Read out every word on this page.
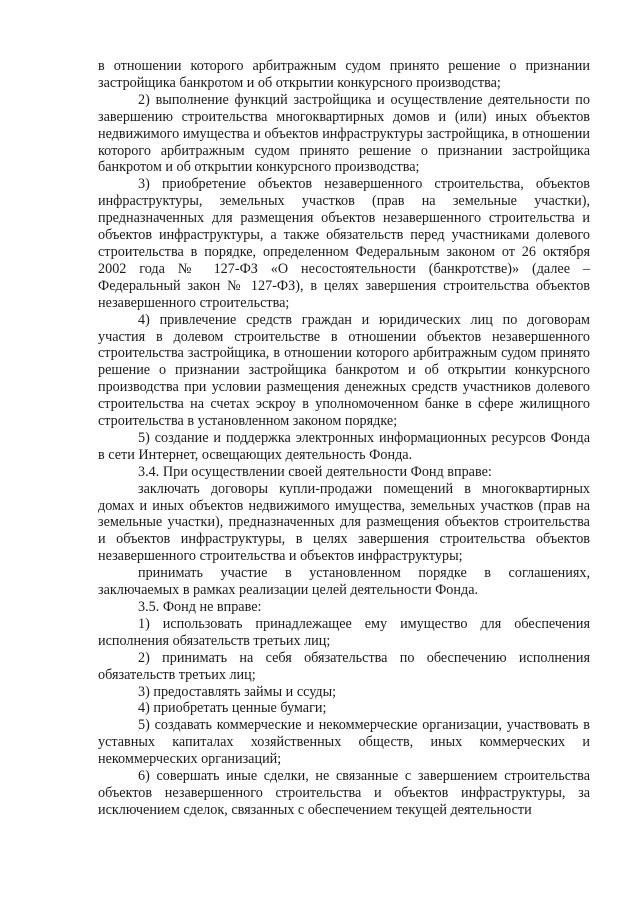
в отношении которого арбитражным судом принято решение о признании застройщика банкротом и об открытии конкурсного производства;

2) выполнение функций застройщика и осуществление деятельности по завершению строительства многоквартирных домов и (или) иных объектов недвижимого имущества и объектов инфраструктуры застройщика, в отношении которого арбитражным судом принято решение о признании застройщика банкротом и об открытии конкурсного производства;

3) приобретение объектов незавершенного строительства, объектов инфраструктуры, земельных участков (прав на земельные участки), предназначенных для размещения объектов незавершенного строительства и объектов инфраструктуры, а также обязательств перед участниками долевого строительства в порядке, определенном Федеральным законом от 26 октября 2002 года № 127-ФЗ «О несостоятельности (банкротстве)» (далее – Федеральный закон № 127-ФЗ), в целях завершения строительства объектов незавершенного строительства;

4) привлечение средств граждан и юридических лиц по договорам участия в долевом строительстве в отношении объектов незавершенного строительства застройщика, в отношении которого арбитражным судом принято решение о признании застройщика банкротом и об открытии конкурсного производства при условии размещения денежных средств участников долевого строительства на счетах эскроу в уполномоченном банке в сфере жилищного строительства в установленном законом порядке;

5) создание и поддержка электронных информационных ресурсов Фонда в сети Интернет, освещающих деятельность Фонда.

3.4. При осуществлении своей деятельности Фонд вправе:

заключать договоры купли-продажи помещений в многоквартирных домах и иных объектов недвижимого имущества, земельных участков (прав на земельные участки), предназначенных для размещения объектов строительства и объектов инфраструктуры, в целях завершения строительства объектов незавершенного строительства и объектов инфраструктуры;

принимать участие в установленном порядке в соглашениях, заключаемых в рамках реализации целей деятельности Фонда.

3.5. Фонд не вправе:

1) использовать принадлежащее ему имущество для обеспечения исполнения обязательств третьих лиц;

2) принимать на себя обязательства по обеспечению исполнения обязательств третьих лиц;

3) предоставлять займы и ссуды;

4) приобретать ценные бумаги;

5) создавать коммерческие и некоммерческие организации, участвовать в уставных капиталах хозяйственных обществ, иных коммерческих и некоммерческих организаций;

6) совершать иные сделки, не связанные с завершением строительства объектов незавершенного строительства и объектов инфраструктуры, за исключением сделок, связанных с обеспечением текущей деятельности
